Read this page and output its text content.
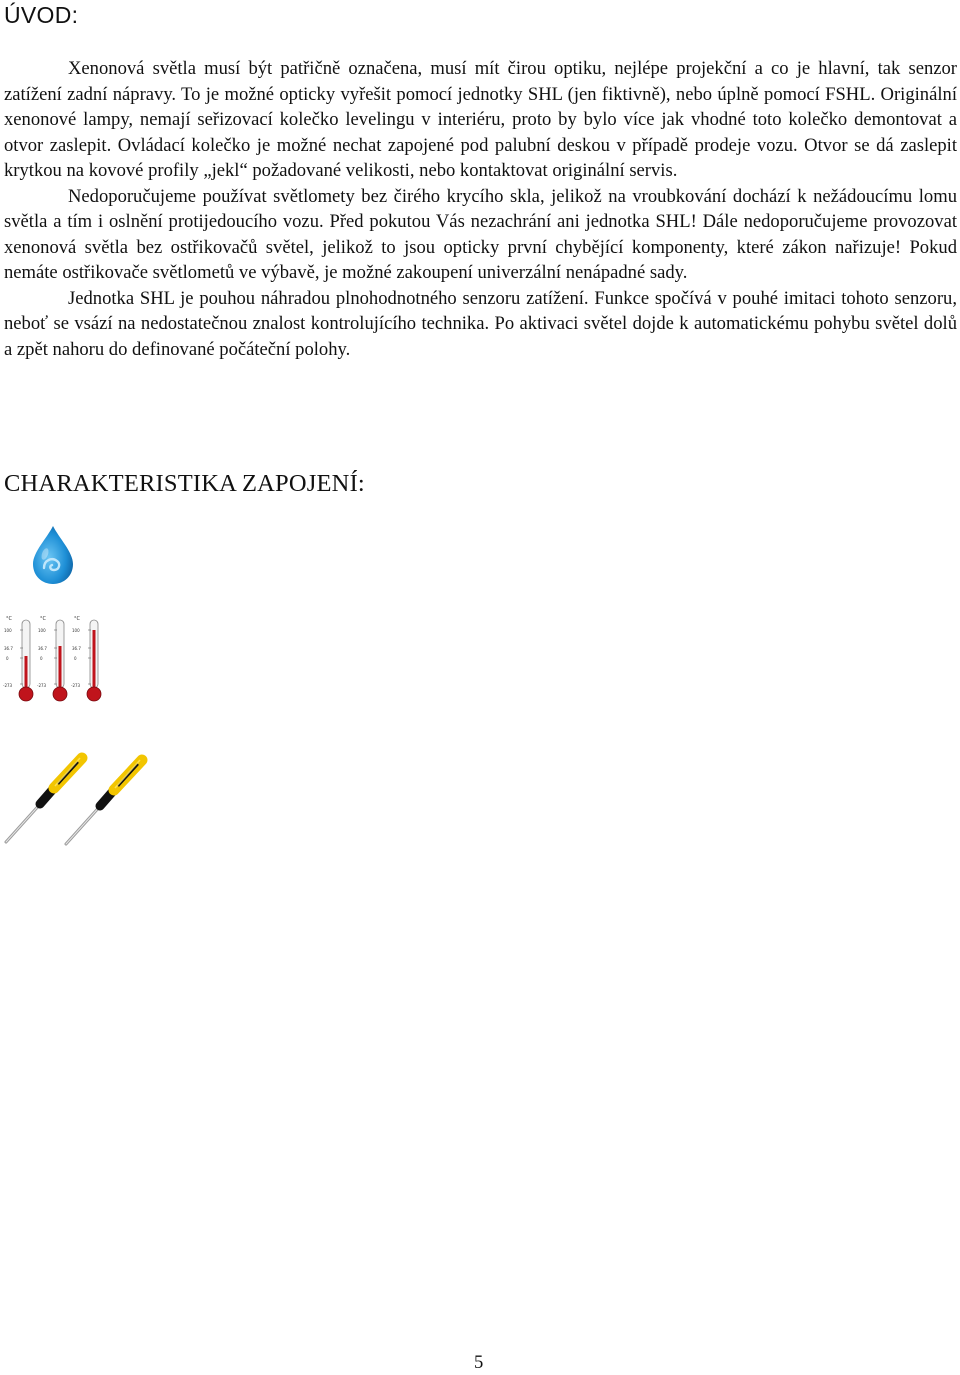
ÚVOD:

Xenonová světla musí být patřičně označena, musí mít čirou optiku, nejlépe projekční a co je hlavní, tak senzor zatížení zadní nápravy. To je možné opticky vyřešit pomocí jednotky SHL (jen fiktivně), nebo úplně pomocí FSHL. Originální xenonové lampy, nemají seřizovací kolečko levelingu v interiéru, proto by bylo více jak vhodné toto kolečko demontovat a otvor zaslepit. Ovládací kolečko je možné nechat zapojené pod palubní deskou v případě prodeje vozu. Otvor se dá zaslepit krytkou na kovové profily „jekl“ požadované velikosti, nebo kontaktovat originální servis.

Nedoporučujeme používat světlomety bez čirého krycího skla, jelikož na vroubkování dochází k nežádoucímu lomu světla a tím i oslnění protijedoucího vozu. Před pokutou Vás nezachrání ani jednotka SHL! Dále nedoporučujeme provozovat xenonová světla bez ostřikovačů světel, jelikož to jsou opticky první chybějící komponenty, které zákon nařizuje! Pokud nemáte ostřikovače světlometů ve výbavě, je možné zakoupení univerzální nenápadné sady.

Jednotka SHL je pouhou náhradou plnohodnotného senzoru zatížení. Funkce spočívá v pouhé imitaci tohoto senzoru, neboť se vsází na nedostatečnou znalost kontrolujícího technika. Po aktivaci světel dojde k automatickému pohybu světel dolů a zpět nahoru do definované počáteční polohy.

CHARAKTERISTIKA ZAPOJENÍ:
°C
100
36.7
0
-273
°C
100
36.7
0
-273
°C
100
36.7
0
-273
5
